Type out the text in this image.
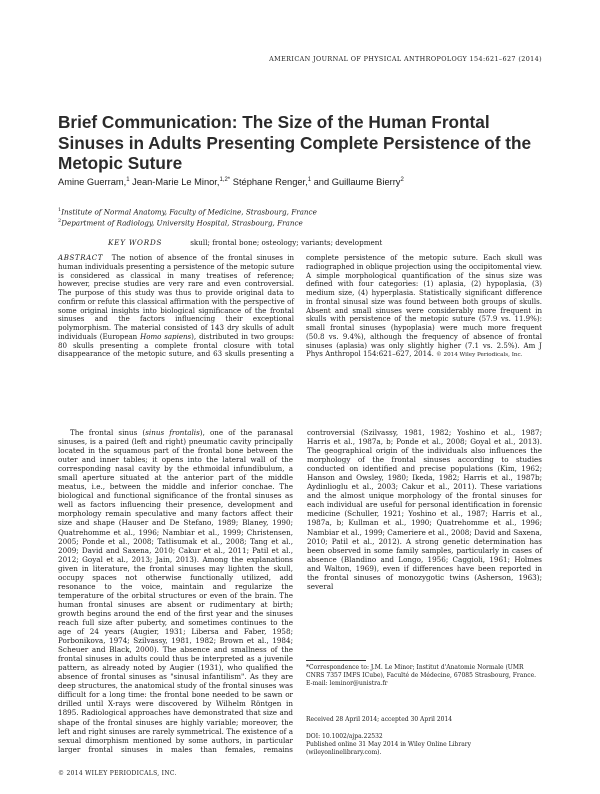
AMERICAN JOURNAL OF PHYSICAL ANTHROPOLOGY 154:621–627 (2014)
Brief Communication: The Size of the Human Frontal Sinuses in Adults Presenting Complete Persistence of the Metopic Suture
Amine Guerram,$^1$ Jean-Marie Le Minor,$^{1,2*}$ Stéphane Renger,$^1$ and Guillaume Bierry$^2$
$^1$Institute of Normal Anatomy, Faculty of Medicine, Strasbourg, France
$^2$Department of Radiology, University Hospital, Strasbourg, France
KEY WORDS	skull; frontal bone; osteology; variants; development
ABSTRACT The notion of absence of the frontal sinuses in human individuals presenting a persistence of the metopic suture is considered as classical in many treatises of reference; however, precise studies are very rare and even controversial. The purpose of this study was thus to provide original data to confirm or refute this classical affirmation with the perspective of some original insights into biological significance of the frontal sinuses and the factors influencing their exceptional polymorphism. The material consisted of 143 dry skulls of adult individuals (European Homo sapiens), distributed in two groups: 80 skulls presenting a complete frontal closure with total disappearance of the metopic suture, and 63 skulls presenting a complete persistence of the metopic suture. Each skull was radiographed in oblique projection using the occipitomental view. A simple morphological quantification of the sinus size was defined with four categories: (1) aplasia, (2) hypoplasia, (3) medium size, (4) hyperplasia. Statistically significant difference in frontal sinusal size was found between both groups of skulls. Absent and small sinuses were considerably more frequent in skulls with persistence of the metopic suture (57.9 vs. 11.9%): small frontal sinuses (hypoplasia) were much more frequent (50.8 vs. 9.4%), although the frequency of absence of frontal sinuses (aplasia) was only slightly higher (7.1 vs. 2.5%). Am J Phys Anthropol 154:621–627, 2014. © 2014 Wiley Periodicals, Inc.

The frontal sinus (sinus frontalis), one of the paranasal sinuses, is a paired (left and right) pneumatic cavity principally located in the squamous part of the frontal bone between the outer and inner tables; it opens into the lateral wall of the corresponding nasal cavity by the ethmoidal infundibulum, a small aperture situated at the anterior part of the middle meatus, i.e., between the middle and inferior conchae. The biological and functional significance of the frontal sinuses as well as factors influencing their presence, development and morphology remain speculative and many factors affect their size and shape (Hauser and De Stefano, 1989; Blaney, 1990; Quatrehomme et al., 1996; Nambiar et al., 1999; Christensen, 2005; Ponde et al., 2008; Tatlisumak et al., 2008; Tang et al., 2009; David and Saxena, 2010; Cakur et al., 2011; Patil et al., 2012; Goyal et al., 2013; Jain, 2013). Among the explanations given in literature, the frontal sinuses may lighten the skull, occupy spaces not otherwise functionally utilized, add resonance to the voice, maintain and regularize the temperature of the orbital structures or even of the brain. The human frontal sinuses are absent or rudimentary at birth; growth begins around the end of the first year and the sinuses reach full size after puberty, and sometimes continues to the age of 24 years (Augier, 1931; Libersa and Faber, 1958; Porbonikova, 1974; Szilvassy, 1981, 1982; Brown et al., 1984; Scheuer and Black, 2000). The absence and smallness of the frontal sinuses in adults could thus be interpreted as a juvenile pattern, as already noted by Augier (1931), who qualified the absence of frontal sinuses as "sinusal infantilism". As they are deep structures, the anatomical study of the frontal sinuses was difficult for a long time: the frontal bone needed to be sawn or drilled until X-rays were discovered by Wilhelm Röntgen in 1895. Radiological approaches have demonstrated that size and shape of the frontal sinuses are highly variable; moreover, the left and right sinuses are rarely symmetrical. The existence of a sexual dimorphism mentioned by some authors, in particular larger frontal sinuses in males than females, remains controversial (Szilvassy, 1981, 1982; Yoshino et al., 1987; Harris et al., 1987a, b; Ponde et al., 2008; Goyal et al., 2013). The geographical origin of the individuals also influences the morphology of the frontal sinuses according to studies conducted on identified and precise populations (Kim, 1962; Hanson and Owsley, 1980; Ikeda, 1982; Harris et al., 1987b; Aydinlioglu et al., 2003; Cakur et al., 2011). These variations and the almost unique morphology of the frontal sinuses for each individual are useful for personal identification in forensic medicine (Schuller, 1921; Yoshino et al., 1987; Harris et al., 1987a, b; Kullman et al., 1990; Quatrehomme et al., 1996; Nambiar et al., 1999; Cameriere et al., 2008; David and Saxena, 2010; Patil et al., 2012). A strong genetic determination has been observed in some family samples, particularly in cases of absence (Blandino and Longo, 1956; Caggioli, 1961; Holmes and Walton, 1969), even if differences have been reported in the frontal sinuses of monozygotic twins (Asherson, 1963); several

*Correspondence to: J.M. Le Minor; Institut d'Anatomie Normale (UMR CNRS 7357 IMFS ICube), Faculté de Médecine, 67085 Strasbourg, France. E-mail: leminor@unistra.fr
Received 28 April 2014; accepted 30 April 2014
DOI: 10.1002/ajpa.22532
Published online 31 May 2014 in Wiley Online Library (wileyonlinelibrary.com).
© 2014 WILEY PERIODICALS, INC.
